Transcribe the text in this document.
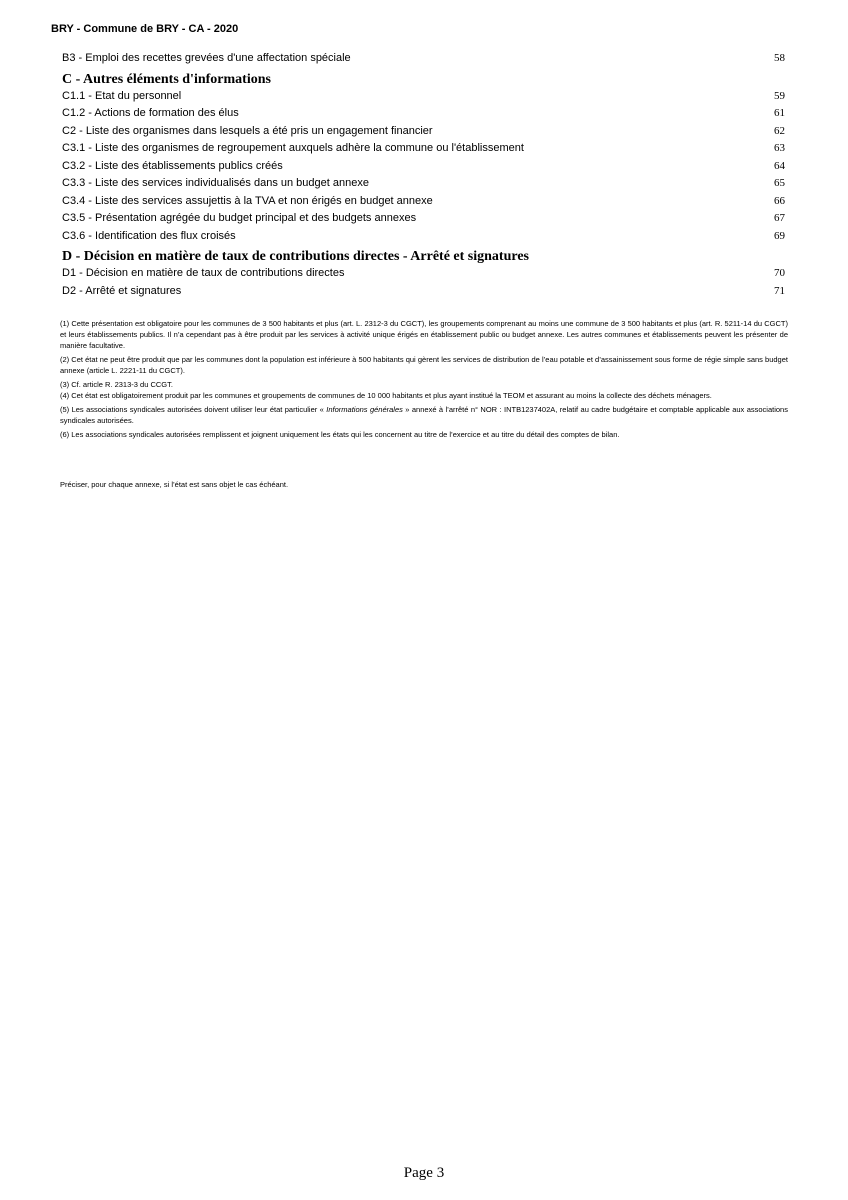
BRY - Commune de BRY - CA - 2020
B3 - Emploi des recettes grevées d'une affectation spéciale	58
C - Autres éléments d'informations
C1.1 - Etat du personnel	59
C1.2 - Actions de formation des élus	61
C2 - Liste des organismes dans lesquels a été pris un engagement financier	62
C3.1 - Liste des organismes de regroupement auxquels adhère la commune ou l'établissement	63
C3.2 - Liste des établissements publics créés	64
C3.3 - Liste des services individualisés dans un budget annexe	65
C3.4 - Liste des services assujettis à la TVA et non érigés en budget annexe	66
C3.5 - Présentation agrégée du budget principal et des budgets annexes	67
C3.6 - Identification des flux croisés	69
D - Décision en matière de taux de contributions directes - Arrêté et signatures
D1 - Décision en matière de taux de contributions directes	70
D2 - Arrêté et signatures	71

(1) Cette présentation est obligatoire pour les communes de 3 500 habitants et plus (art. L. 2312-3 du CGCT), les groupements comprenant au moins une commune de 3 500 habitants et plus (art. R. 5211-14 du CGCT) et leurs établissements publics. Il n’a cependant pas à être produit par les services à activité unique érigés en établissement public ou budget annexe. Les autres communes et établissements peuvent les présenter de manière facultative.

(2) Cet état ne peut être produit que par les communes dont la population est inférieure à 500 habitants qui gèrent les services de distribution de l’eau potable et d’assainissement sous forme de régie simple sans budget annexe (article L. 2221-11 du CGCT).

(3) Cf. article R. 2313-3 du CCGT.

(4) Cet état est obligatoirement produit par les communes et groupements de communes de 10 000 habitants et plus ayant institué la TEOM et assurant au moins la collecte des déchets ménagers.

(5) Les associations syndicales autorisées doivent utiliser leur état particulier « Informations générales » annexé à l’arrêté n° NOR : INTB1237402A, relatif au cadre budgétaire et comptable applicable aux associations syndicales autorisées.

(6) Les associations syndicales autorisées remplissent et joignent uniquement les états qui les concernent au titre de l’exercice et au titre du détail des comptes de bilan.

Préciser, pour chaque annexe, si l’état est sans objet le cas échéant.
Page 3
